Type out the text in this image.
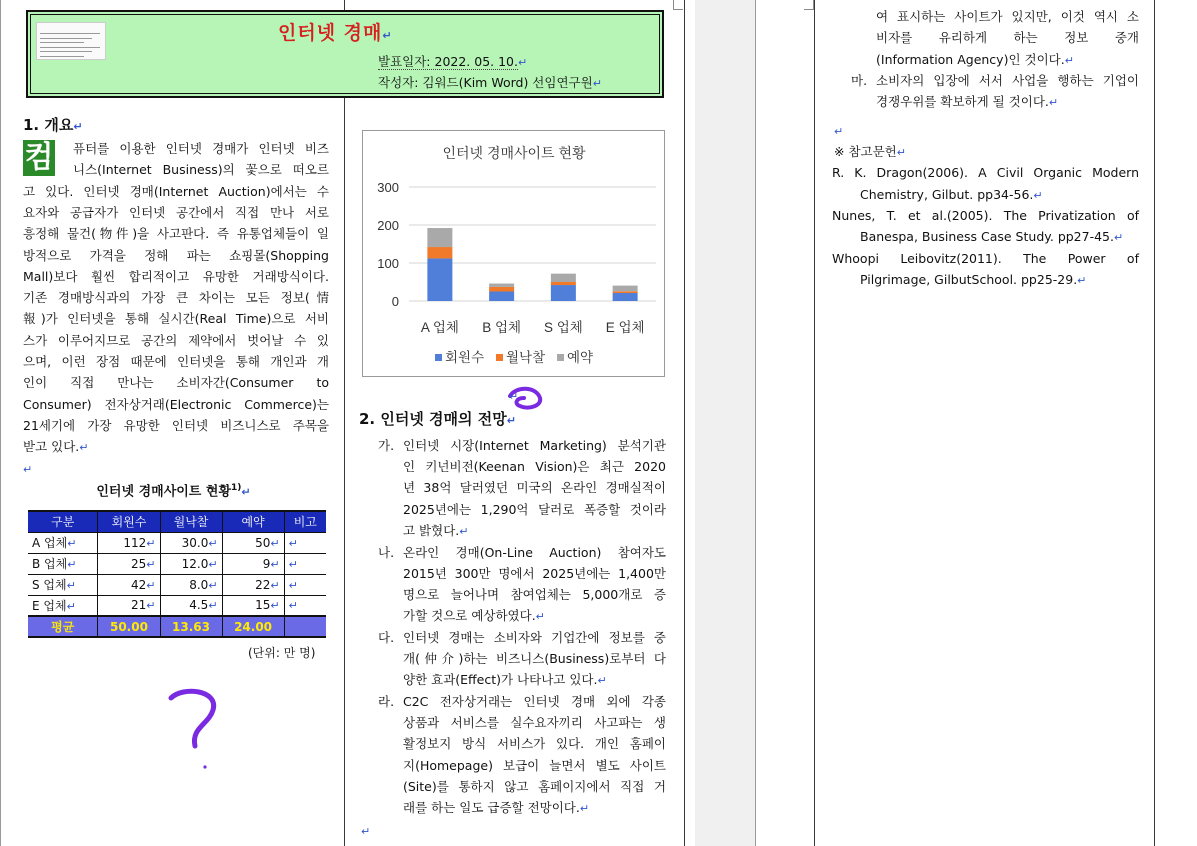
인터넷 경매↵
발표일자: 2022. 05. 10.↵
작성자: 김워드(Kim Word) 선임연구원↵
1. 개요↵
컴 퓨터를 이용한 인터넷 경매가 인터넷 비즈
니스(Internet Business)의 꽃으로 떠오르
고 있다. 인터넷 경매(Internet Auction)에서는 수
요자와 공급자가 인터넷 공간에서 직접 만나 서로
흥정해 물건(物件)을 사고판다. 즉 유통업체들이 일
방적으로 가격을 정해 파는 쇼핑몰(Shopping
Mall)보다 훨씬 합리적이고 유망한 거래방식이다.
기존 경매방식과의 가장 큰 차이는 모든 정보(情
報)가 인터넷을 통해 실시간(Real Time)으로 서비
스가 이루어지므로 공간의 제약에서 벗어날 수 있
으며, 이런 장점 때문에 인터넷을 통해 개인과 개
인이 직접 만나는 소비자간(Consumer to
Consumer) 전자상거래(Electronic Commerce)는
21세기에 가장 유망한 인터넷 비즈니스로 주목을
받고 있다.↵
↵
인터넷 경매사이트 현황$^{1)}$↵
구분	회원수	월낙찰	예약	비고
A 업체↵	112↵	30.0↵	50↵	↵
B 업체↵	25↵	12.0↵	9↵	↵
S 업체↵	42↵	8.0↵	22↵	↵
E 업체↵	21↵	4.5↵	15↵	↵
평균	50.00	13.63	24.00	
(단위: 만 명)
인터넷 경매사이트 현황
0
100
200
300
A 업체 B 업체 S 업체 E 업체
회원수 월낙찰 예약
↵
2. 인터넷 경매의 전망↵
가. 인터넷 시장(Internet Marketing) 분석기관
인 키넌비전(Keenan Vision)은 최근 2020
년 38억 달러였던 미국의 온라인 경매실적이
2025년에는 1,290억 달러로 폭증할 것이라
고 밝혔다.↵
나. 온라인 경매(On-Line Auction) 참여자도
2015년 300만 명에서 2025년에는 1,400만
명으로 늘어나며 참여업체는 5,000개로 증
가할 것으로 예상하였다.↵
다. 인터넷 경매는 소비자와 기업간에 정보를 중
개(仲介)하는 비즈니스(Business)로부터 다
양한 효과(Effect)가 나타나고 있다.↵
라. C2C 전자상거래는 인터넷 경매 외에 각종
상품과 서비스를 실수요자끼리 사고파는 생
활정보지 방식 서비스가 있다. 개인 홈페이
지(Homepage) 보급이 늘면서 별도 사이트
(Site)를 통하지 않고 홈페이지에서 직접 거
래를 하는 일도 급증할 전망이다.↵
↵
여 표시하는 사이트가 있지만, 이것 역시 소
비자를 유리하게 하는 정보 중개
(Information Agency)인 것이다.↵
마. 소비자의 입장에 서서 사업을 행하는 기업이
경쟁우위를 확보하게 될 것이다.↵
↵
※ 참고문헌↵
R. K. Dragon(2006). A Civil Organic Modern
Chemistry, Gilbut. pp34-56.↵
Nunes, T. et al.(2005). The Privatization of
Banespa, Business Case Study. pp27-45.↵
Whoopi Leibovitz(2011). The Power of
Pilgrimage, GilbutSchool. pp25-29.↵
